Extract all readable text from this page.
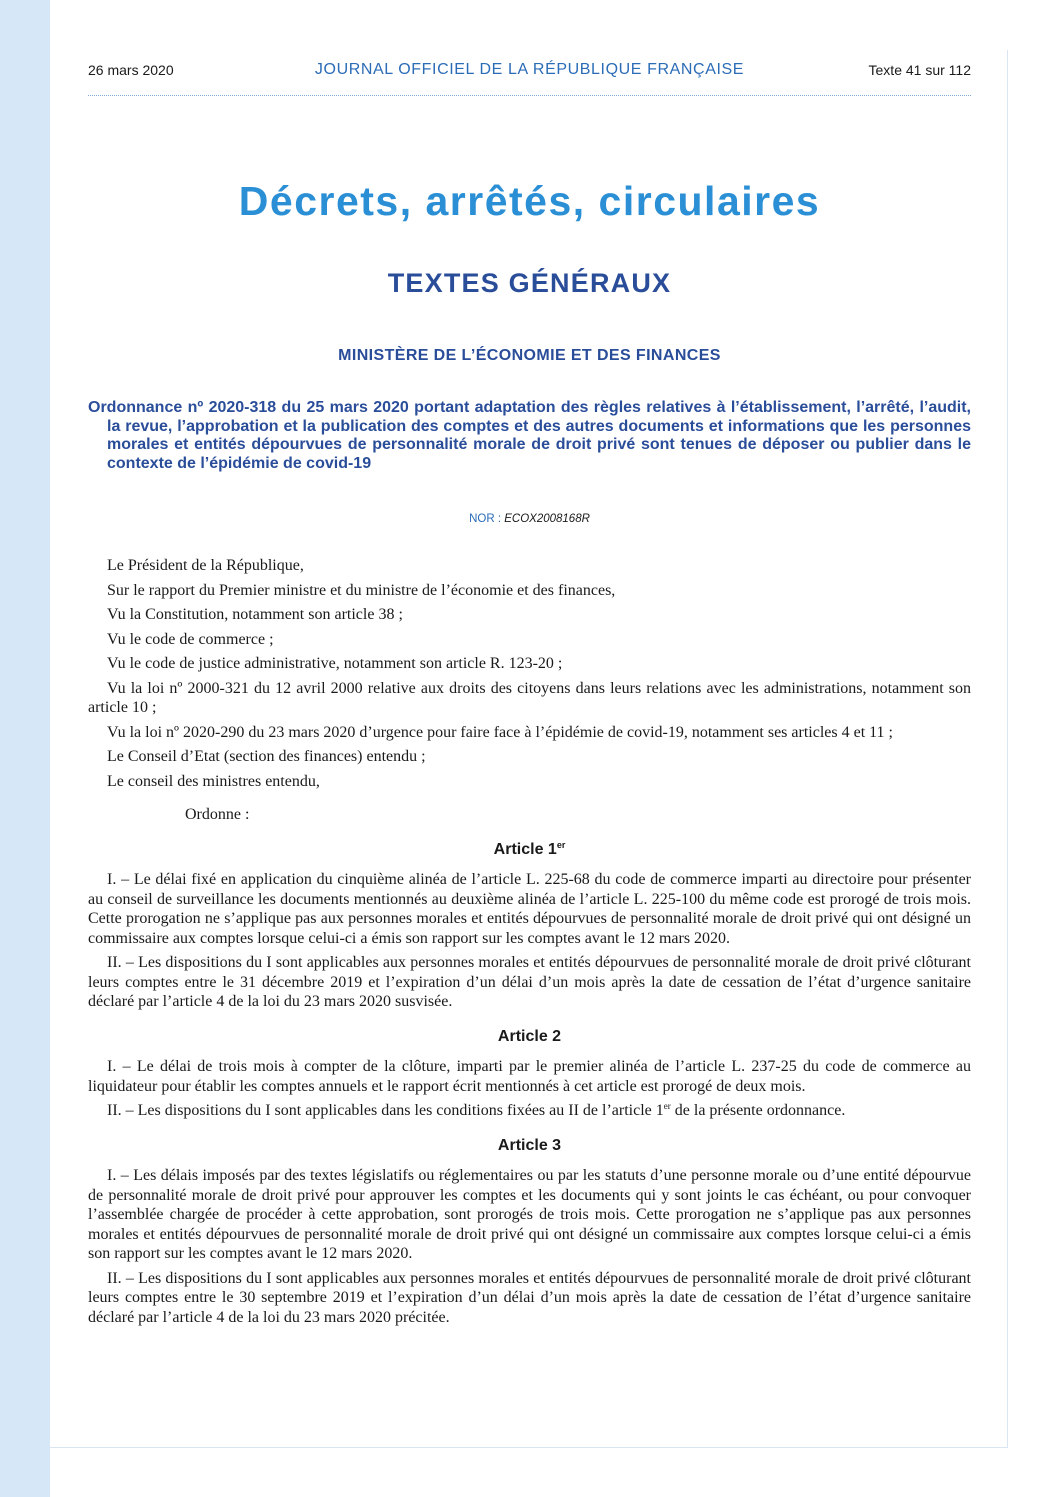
26 mars 2020	JOURNAL OFFICIEL DE LA RÉPUBLIQUE FRANÇAISE	Texte 41 sur 112
Décrets, arrêtés, circulaires
TEXTES GÉNÉRAUX
MINISTÈRE DE L’ÉCONOMIE ET DES FINANCES
Ordonnance nº 2020-318 du 25 mars 2020 portant adaptation des règles relatives à l’établissement, l’arrêté, l’audit, la revue, l’approbation et la publication des comptes et des autres documents et informations que les personnes morales et entités dépourvues de personnalité morale de droit privé sont tenues de déposer ou publier dans le contexte de l’épidémie de covid-19
NOR : ECOX2008168R

Le Président de la République,

Sur le rapport du Premier ministre et du ministre de l’économie et des finances,

Vu la Constitution, notamment son article 38 ;

Vu le code de commerce ;

Vu le code de justice administrative, notamment son article R. 123-20 ;

Vu la loi nº 2000-321 du 12 avril 2000 relative aux droits des citoyens dans leurs relations avec les administrations, notamment son article 10 ;

Vu la loi nº 2020-290 du 23 mars 2020 d’urgence pour faire face à l’épidémie de covid-19, notamment ses articles 4 et 11 ;

Le Conseil d’Etat (section des finances) entendu ;

Le conseil des ministres entendu,

Ordonne :

Article 1er

I. – Le délai fixé en application du cinquième alinéa de l’article L. 225-68 du code de commerce imparti au directoire pour présenter au conseil de surveillance les documents mentionnés au deuxième alinéa de l’article L. 225-100 du même code est prorogé de trois mois. Cette prorogation ne s’applique pas aux personnes morales et entités dépourvues de personnalité morale de droit privé qui ont désigné un commissaire aux comptes lorsque celui-ci a émis son rapport sur les comptes avant le 12 mars 2020.

II. – Les dispositions du I sont applicables aux personnes morales et entités dépourvues de personnalité morale de droit privé clôturant leurs comptes entre le 31 décembre 2019 et l’expiration d’un délai d’un mois après la date de cessation de l’état d’urgence sanitaire déclaré par l’article 4 de la loi du 23 mars 2020 susvisée.

Article 2

I. – Le délai de trois mois à compter de la clôture, imparti par le premier alinéa de l’article L. 237-25 du code de commerce au liquidateur pour établir les comptes annuels et le rapport écrit mentionnés à cet article est prorogé de deux mois.

II. – Les dispositions du I sont applicables dans les conditions fixées au II de l’article 1er de la présente ordonnance.

Article 3

I. – Les délais imposés par des textes législatifs ou réglementaires ou par les statuts d’une personne morale ou d’une entité dépourvue de personnalité morale de droit privé pour approuver les comptes et les documents qui y sont joints le cas échéant, ou pour convoquer l’assemblée chargée de procéder à cette approbation, sont prorogés de trois mois. Cette prorogation ne s’applique pas aux personnes morales et entités dépourvues de personnalité morale de droit privé qui ont désigné un commissaire aux comptes lorsque celui-ci a émis son rapport sur les comptes avant le 12 mars 2020.

II. – Les dispositions du I sont applicables aux personnes morales et entités dépourvues de personnalité morale de droit privé clôturant leurs comptes entre le 30 septembre 2019 et l’expiration d’un délai d’un mois après la date de cessation de l’état d’urgence sanitaire déclaré par l’article 4 de la loi du 23 mars 2020 précitée.
